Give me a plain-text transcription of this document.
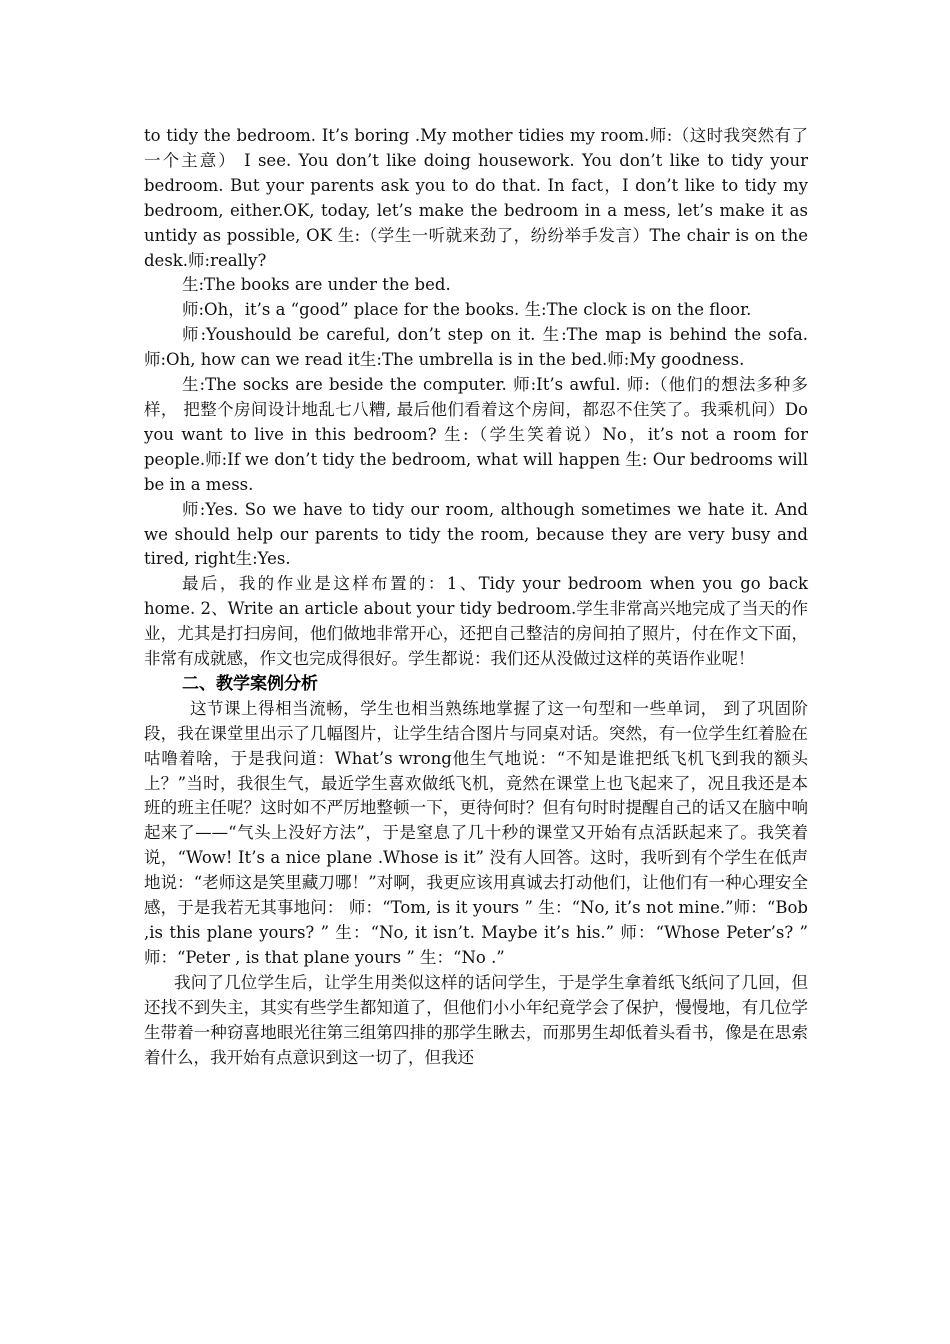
to tidy the bedroom. It’s boring .My mother tidies my room.师:（这时我突然有了一个主意） I see. You don’t like doing housework. You don’t like to tidy your bedroom. But your parents ask you to do that. In fact，I don’t like to tidy my bedroom, either.OK, today, let’s make the bedroom in a mess, let’s make it as untidy as possible, OK 生:（学生一听就来劲了，纷纷举手发言）The chair is on the desk.师:really?

生:The books are under the bed.

师:Oh，it’s a “good” place for the books. 生:The clock is on the floor.

师:Youshould be careful, don’t step on it. 生:The map is behind the sofa.师:Oh, how can we read it生:The umbrella is in the bed.师:My goodness.

生:The socks are beside the computer. 师:It’s awful. 师:（他们的想法多种多样， 把整个房间设计地乱七八糟, 最后他们看着这个房间，都忍不住笑了。我乘机问）Do you want to live in this bedroom? 生:（学生笑着说）No，it’s not a room for people.师:If we don’t tidy the bedroom, what will happen 生: Our bedrooms will be in a mess.

师:Yes. So we have to tidy our room, although sometimes we hate it. And we should help our parents to tidy the room, because they are very busy and tired, right生:Yes.

最后，我的作业是这样布置的：1、Tidy your bedroom when you go back home. 2、Write an article about your tidy bedroom.学生非常高兴地完成了当天的作业，尤其是打扫房间，他们做地非常开心，还把自己整洁的房间拍了照片，付在作文下面，非常有成就感，作文也完成得很好。学生都说：我们还从没做过这样的英语作业呢！

二、教学案例分析

这节课上得相当流畅，学生也相当熟练地掌握了这一句型和一些单词， 到了巩固阶段，我在课堂里出示了几幅图片，让学生结合图片与同桌对话。突然，有一位学生红着脸在咕噜着啥，于是我问道：What’s wrong他生气地说：“不知是谁把纸飞机飞到我的额头上？”当时，我很生气，最近学生喜欢做纸飞机，竟然在课堂上也飞起来了，况且我还是本班的班主任呢？这时如不严厉地整顿一下，更待何时？但有句时时提醒自己的话又在脑中响起来了——“气头上没好方法”，于是窒息了几十秒的课堂又开始有点活跃起来了。我笑着说，“Wow! It’s a nice plane .Whose is it” 没有人回答。这时，我听到有个学生在低声地说：“老师这是笑里藏刀哪！”对啊，我更应该用真诚去打动他们，让他们有一种心理安全感，于是我若无其事地问： 师：“Tom, is it yours ” 生：“No, it’s not mine.”师：“Bob ,is this plane yours? ” 生：“No, it isn’t. Maybe it’s his.” 师：“Whose Peter’s? ” 师：“Peter , is that plane yours ” 生：“No .”

我问了几位学生后，让学生用类似这样的话问学生，于是学生拿着纸飞纸问了几回，但还找不到失主，其实有些学生都知道了，但他们小小年纪竟学会了保护，慢慢地，有几位学生带着一种窃喜地眼光往第三组第四排的那学生瞅去，而那男生却低着头看书，像是在思索着什么，我开始有点意识到这一切了，但我还
